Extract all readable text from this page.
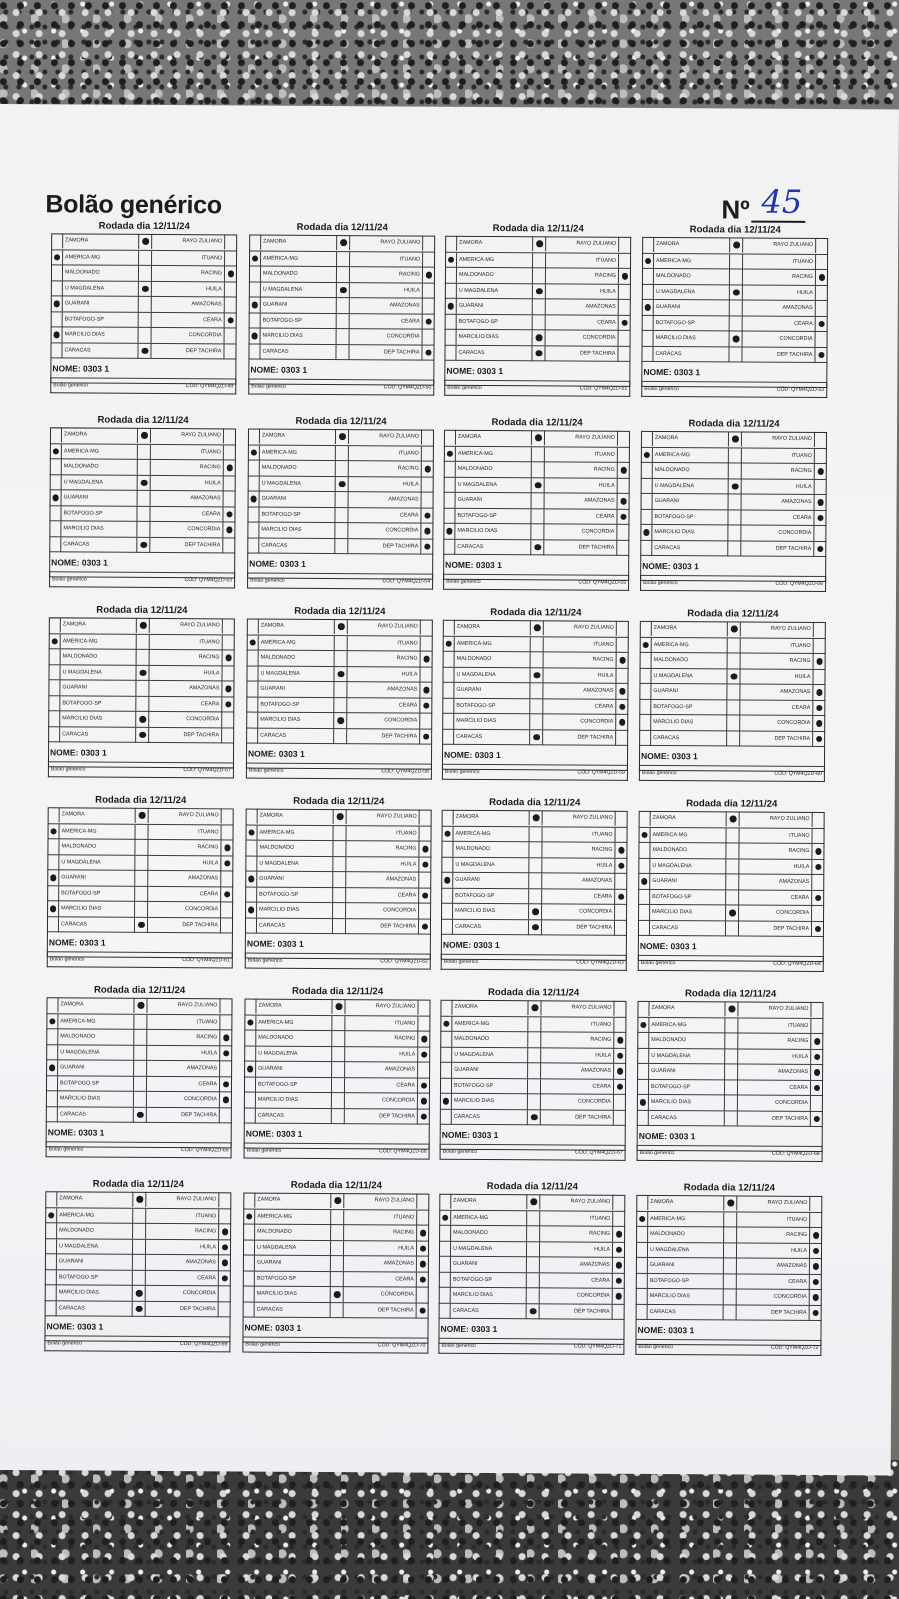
Bolão genérico	Nº 45
Rodada dia 12/11/24
ZAMORA	RAYO ZULIANO
AMERICA-MG	ITUANO
MALDONADO	RACING
U MAGDALENA	HUILA
GUARANI	AMAZONAS
BOTAFOGO-SP	CEARA
MARCILIO DIAS	CONCORDIA
CARACAS	DEP TACHIRA
NOME: 0303 1
Bolão genérico	CÓD: QYM4QZD-49
Rodada dia 12/11/24
ZAMORA	RAYO ZULIANO
AMERICA-MG	ITUANO
MALDONADO	RACING
U MAGDALENA	HUILA
GUARANI	AMAZONAS
BOTAFOGO-SP	CEARA
MARCILIO DIAS	CONCORDIA
CARACAS	DEP TACHIRA
NOME: 0303 1
Bolão genérico	CÓD: QYM4QZD-50
Rodada dia 12/11/24
ZAMORA	RAYO ZULIANO
AMERICA-MG	ITUANO
MALDONADO	RACING
U MAGDALENA	HUILA
GUARANI	AMAZONAS
BOTAFOGO-SP	CEARA
MARCILIO DIAS	CONCORDIA
CARACAS	DEP TACHIRA
NOME: 0303 1
Bolão genérico	CÓD: QYM4QZD-51
Rodada dia 12/11/24
ZAMORA	RAYO ZULIANO
AMERICA-MG	ITUANO
MALDONADO	RACING
U MAGDALENA	HUILA
GUARANI	AMAZONAS
BOTAFOGO-SP	CEARA
MARCILIO DIAS	CONCORDIA
CARACAS	DEP TACHIRA
NOME: 0303 1
Bolão genérico	CÓD: QYM4QZD-52
Rodada dia 12/11/24
ZAMORA	RAYO ZULIANO
AMERICA-MG	ITUANO
MALDONADO	RACING
U MAGDALENA	HUILA
GUARANI	AMAZONAS
BOTAFOGO-SP	CEARA
MARCILIO DIAS	CONCORDIA
CARACAS	DEP TACHIRA
NOME: 0303 1
Bolão genérico	CÓD: QYM4QZD-53
Rodada dia 12/11/24
ZAMORA	RAYO ZULIANO
AMERICA-MG	ITUANO
MALDONADO	RACING
U MAGDALENA	HUILA
GUARANI	AMAZONAS
BOTAFOGO-SP	CEARA
MARCILIO DIAS	CONCORDIA
CARACAS	DEP TACHIRA
NOME: 0303 1
Bolão genérico	CÓD: QYM4QZD-54
Rodada dia 12/11/24
ZAMORA	RAYO ZULIANO
AMERICA-MG	ITUANO
MALDONADO	RACING
U MAGDALENA	HUILA
GUARANI	AMAZONAS
BOTAFOGO-SP	CEARA
MARCILIO DIAS	CONCORDIA
CARACAS	DEP TACHIRA
NOME: 0303 1
Bolão genérico	CÓD: QYM4QZD-55
Rodada dia 12/11/24
ZAMORA	RAYO ZULIANO
AMERICA-MG	ITUANO
MALDONADO	RACING
U MAGDALENA	HUILA
GUARANI	AMAZONAS
BOTAFOGO-SP	CEARA
MARCILIO DIAS	CONCORDIA
CARACAS	DEP TACHIRA
NOME: 0303 1
Bolão genérico	CÓD: QYM4QZD-56
Rodada dia 12/11/24
ZAMORA	RAYO ZULIANO
AMERICA-MG	ITUANO
MALDONADO	RACING
U MAGDALENA	HUILA
GUARANI	AMAZONAS
BOTAFOGO-SP	CEARA
MARCILIO DIAS	CONCORDIA
CARACAS	DEP TACHIRA
NOME: 0303 1
Bolão genérico	CÓD: QYM4QZD-57
Rodada dia 12/11/24
ZAMORA	RAYO ZULIANO
AMERICA-MG	ITUANO
MALDONADO	RACING
U MAGDALENA	HUILA
GUARANI	AMAZONAS
BOTAFOGO-SP	CEARA
MARCILIO DIAS	CONCORDIA
CARACAS	DEP TACHIRA
NOME: 0303 1
Bolão genérico	CÓD: QYM4QZD-58
Rodada dia 12/11/24
ZAMORA	RAYO ZULIANO
AMERICA-MG	ITUANO
MALDONADO	RACING
U MAGDALENA	HUILA
GUARANI	AMAZONAS
BOTAFOGO-SP	CEARA
MARCILIO DIAS	CONCORDIA
CARACAS	DEP TACHIRA
NOME: 0303 1
Bolão genérico	CÓD: QYM4QZD-59
Rodada dia 12/11/24
ZAMORA	RAYO ZULIANO
AMERICA-MG	ITUANO
MALDONADO	RACING
U MAGDALENA	HUILA
GUARANI	AMAZONAS
BOTAFOGO-SP	CEARA
MARCILIO DIAS	CONCORDIA
CARACAS	DEP TACHIRA
NOME: 0303 1
Bolão genérico	CÓD: QYM4QZD-60
Rodada dia 12/11/24
ZAMORA	RAYO ZULIANO
AMERICA-MG	ITUANO
MALDONADO	RACING
U MAGDALENA	HUILA
GUARANI	AMAZONAS
BOTAFOGO-SP	CEARA
MARCILIO DIAS	CONCORDIA
CARACAS	DEP TACHIRA
NOME: 0303 1
Bolão genérico	CÓD: QYM4QZD-61
Rodada dia 12/11/24
ZAMORA	RAYO ZULIANO
AMERICA-MG	ITUANO
MALDONADO	RACING
U MAGDALENA	HUILA
GUARANI	AMAZONAS
BOTAFOGO-SP	CEARA
MARCILIO DIAS	CONCORDIA
CARACAS	DEP TACHIRA
NOME: 0303 1
Bolão genérico	CÓD: QYM4QZD-62
Rodada dia 12/11/24
ZAMORA	RAYO ZULIANO
AMERICA-MG	ITUANO
MALDONADO	RACING
U MAGDALENA	HUILA
GUARANI	AMAZONAS
BOTAFOGO-SP	CEARA
MARCILIO DIAS	CONCORDIA
CARACAS	DEP TACHIRA
NOME: 0303 1
Bolão genérico	CÓD: QYM4QZD-63
Rodada dia 12/11/24
ZAMORA	RAYO ZULIANO
AMERICA-MG	ITUANO
MALDONADO	RACING
U MAGDALENA	HUILA
GUARANI	AMAZONAS
BOTAFOGO-SP	CEARA
MARCILIO DIAS	CONCORDIA
CARACAS	DEP TACHIRA
NOME: 0303 1
Bolão genérico	CÓD: QYM4QZD-64
Rodada dia 12/11/24
ZAMORA	RAYO ZULIANO
AMERICA-MG	ITUANO
MALDONADO	RACING
U MAGDALENA	HUILA
GUARANI	AMAZONAS
BOTAFOGO-SP	CEARA
MARCILIO DIAS	CONCORDIA
CARACAS	DEP TACHIRA
NOME: 0303 1
Bolão genérico	CÓD: QYM4QZD-65
Rodada dia 12/11/24
ZAMORA	RAYO ZULIANO
AMERICA-MG	ITUANO
MALDONADO	RACING
U MAGDALENA	HUILA
GUARANI	AMAZONAS
BOTAFOGO-SP	CEARA
MARCILIO DIAS	CONCORDIA
CARACAS	DEP TACHIRA
NOME: 0303 1
Bolão genérico	CÓD: QYM4QZD-66
Rodada dia 12/11/24
ZAMORA	RAYO ZULIANO
AMERICA-MG	ITUANO
MALDONADO	RACING
U MAGDALENA	HUILA
GUARANI	AMAZONAS
BOTAFOGO-SP	CEARA
MARCILIO DIAS	CONCORDIA
CARACAS	DEP TACHIRA
NOME: 0303 1
Bolão genérico	CÓD: QYM4QZD-67
Rodada dia 12/11/24
ZAMORA	RAYO ZULIANO
AMERICA-MG	ITUANO
MALDONADO	RACING
U MAGDALENA	HUILA
GUARANI	AMAZONAS
BOTAFOGO-SP	CEARA
MARCILIO DIAS	CONCORDIA
CARACAS	DEP TACHIRA
NOME: 0303 1
Bolão genérico	CÓD: QYM4QZD-68
Rodada dia 12/11/24
ZAMORA	RAYO ZULIANO
AMERICA-MG	ITUANO
MALDONADO	RACING
U MAGDALENA	HUILA
GUARANI	AMAZONAS
BOTAFOGO-SP	CEARA
MARCILIO DIAS	CONCORDIA
CARACAS	DEP TACHIRA
NOME: 0303 1
Bolão genérico	CÓD: QYM4QZD-69
Rodada dia 12/11/24
ZAMORA	RAYO ZULIANO
AMERICA-MG	ITUANO
MALDONADO	RACING
U MAGDALENA	HUILA
GUARANI	AMAZONAS
BOTAFOGO-SP	CEARA
MARCILIO DIAS	CONCORDIA
CARACAS	DEP TACHIRA
NOME: 0303 1
Bolão genérico	CÓD: QYM4QZD-70
Rodada dia 12/11/24
ZAMORA	RAYO ZULIANO
AMERICA-MG	ITUANO
MALDONADO	RACING
U MAGDALENA	HUILA
GUARANI	AMAZONAS
BOTAFOGO-SP	CEARA
MARCILIO DIAS	CONCORDIA
CARACAS	DEP TACHIRA
NOME: 0303 1
Bolão genérico	CÓD: QYM4QZD-71
Rodada dia 12/11/24
ZAMORA	RAYO ZULIANO
AMERICA-MG	ITUANO
MALDONADO	RACING
U MAGDALENA	HUILA
GUARANI	AMAZONAS
BOTAFOGO-SP	CEARA
MARCILIO DIAS	CONCORDIA
CARACAS	DEP TACHIRA
NOME: 0303 1
Bolão genérico	CÓD: QYM4QZD-72
